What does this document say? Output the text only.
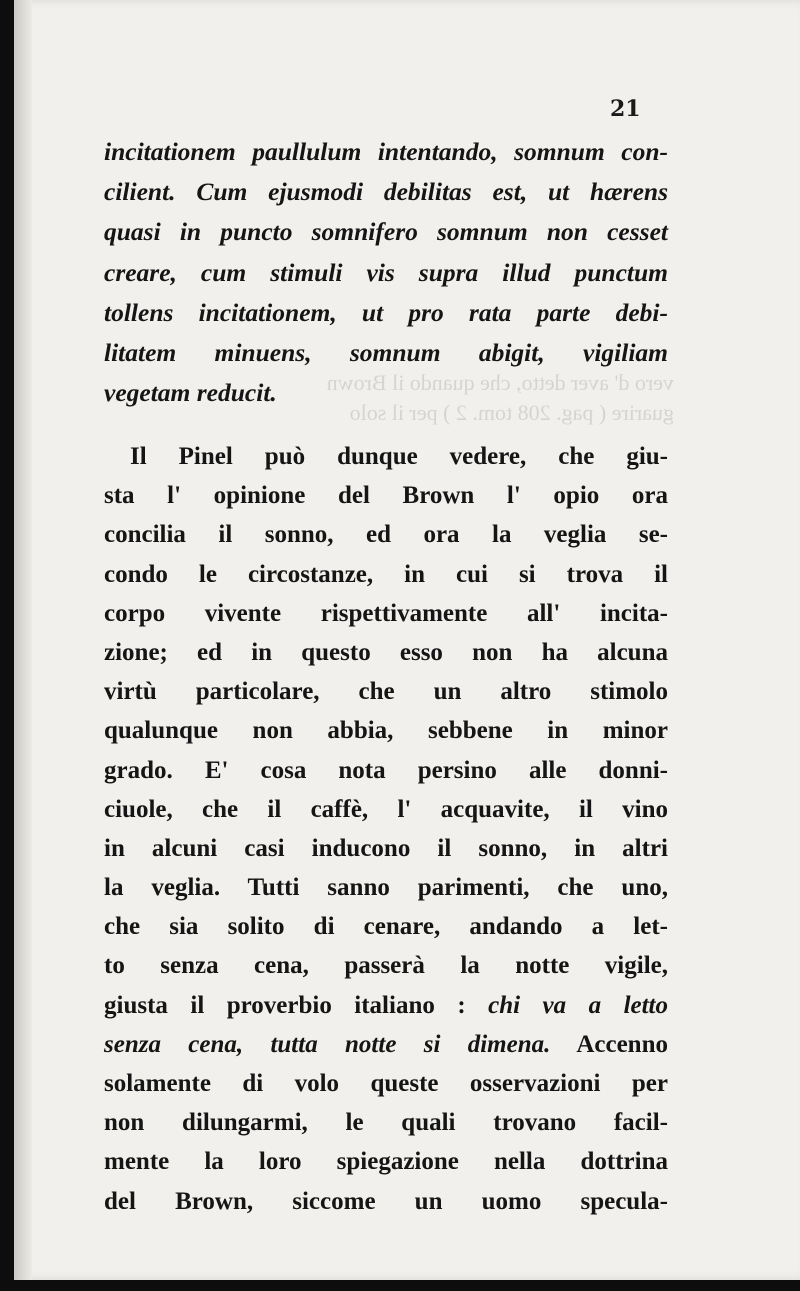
vero d' aver detto, che quando il Brown
guarire ( pag. 208 tom. 2 ) per il solo
21
incitationem paullulum intentando, somnum con-
cilient. Cum ejusmodi debilitas est, ut hærens
quasi in puncto somnifero somnum non cesset
creare, cum stimuli vis supra illud punctum
tollens incitationem, ut pro rata parte debi-
litatem minuens, somnum abigit, vigiliam
vegetam reducit.
Il Pinel può dunque vedere, che giu-
sta l' opinione del Brown l' opio ora
concilia il sonno, ed ora la veglia se-
condo le circostanze, in cui si trova il
corpo vivente rispettivamente all' incita-
zione; ed in questo esso non ha alcuna
virtù particolare, che un altro stimolo
qualunque non abbia, sebbene in minor
grado. E' cosa nota persino alle donni-
ciuole, che il caffè, l' acquavite, il vino
in alcuni casi inducono il sonno, in altri
la veglia. Tutti sanno parimenti, che uno,
che sia solito di cenare, andando a let-
to senza cena, passerà la notte vigile,
giusta il proverbio italiano : chi va a letto
senza cena, tutta notte si dimena. Accenno
solamente di volo queste osservazioni per
non dilungarmi, le quali trovano facil-
mente la loro spiegazione nella dottrina
del Brown, siccome un uomo specula-
